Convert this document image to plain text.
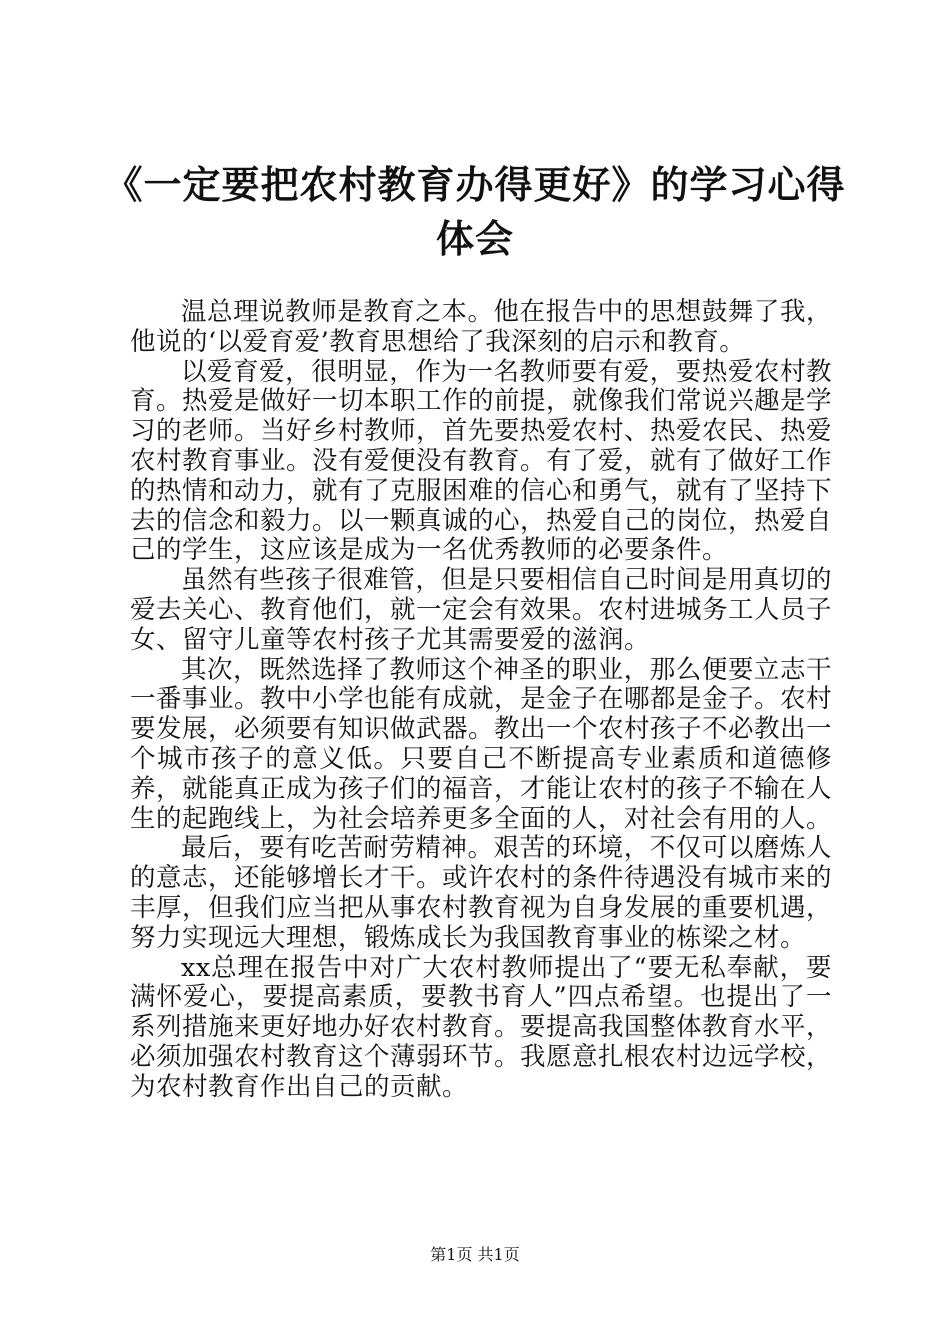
《一定要把农村教育办得更好》的学习心得体会

温总理说教师是教育之本。他在报告中的思想鼓舞了我，他说的‘以爱育爱’教育思想给了我深刻的启示和教育。

以爱育爱，很明显，作为一名教师要有爱，要热爱农村教育。热爱是做好一切本职工作的前提，就像我们常说兴趣是学习的老师。当好乡村教师，首先要热爱农村、热爱农民、热爱农村教育事业。没有爱便没有教育。有了爱，就有了做好工作的热情和动力，就有了克服困难的信心和勇气，就有了坚持下去的信念和毅力。以一颗真诚的心，热爱自己的岗位，热爱自己的学生，这应该是成为一名优秀教师的必要条件。

虽然有些孩子很难管，但是只要相信自己时间是用真切的爱去关心、教育他们，就一定会有效果。农村进城务工人员子女、留守儿童等农村孩子尤其需要爱的滋润。

其次，既然选择了教师这个神圣的职业，那么便要立志干一番事业。教中小学也能有成就，是金子在哪都是金子。农村要发展，必须要有知识做武器。教出一个农村孩子不必教出一个城市孩子的意义低。只要自己不断提高专业素质和道德修养，就能真正成为孩子们的福音，才能让农村的孩子不输在人生的起跑线上，为社会培养更多全面的人，对社会有用的人。

最后，要有吃苦耐劳精神。艰苦的环境，不仅可以磨炼人的意志，还能够增长才干。或许农村的条件待遇没有城市来的丰厚，但我们应当把从事农村教育视为自身发展的重要机遇，努力实现远大理想，锻炼成长为我国教育事业的栋梁之材。

xx总理在报告中对广大农村教师提出了“要无私奉献，要满怀爱心，要提高素质，要教书育人”四点希望。也提出了一系列措施来更好地办好农村教育。要提高我国整体教育水平，必须加强农村教育这个薄弱环节。我愿意扎根农村边远学校，为农村教育作出自己的贡献。

第1页 共1页
